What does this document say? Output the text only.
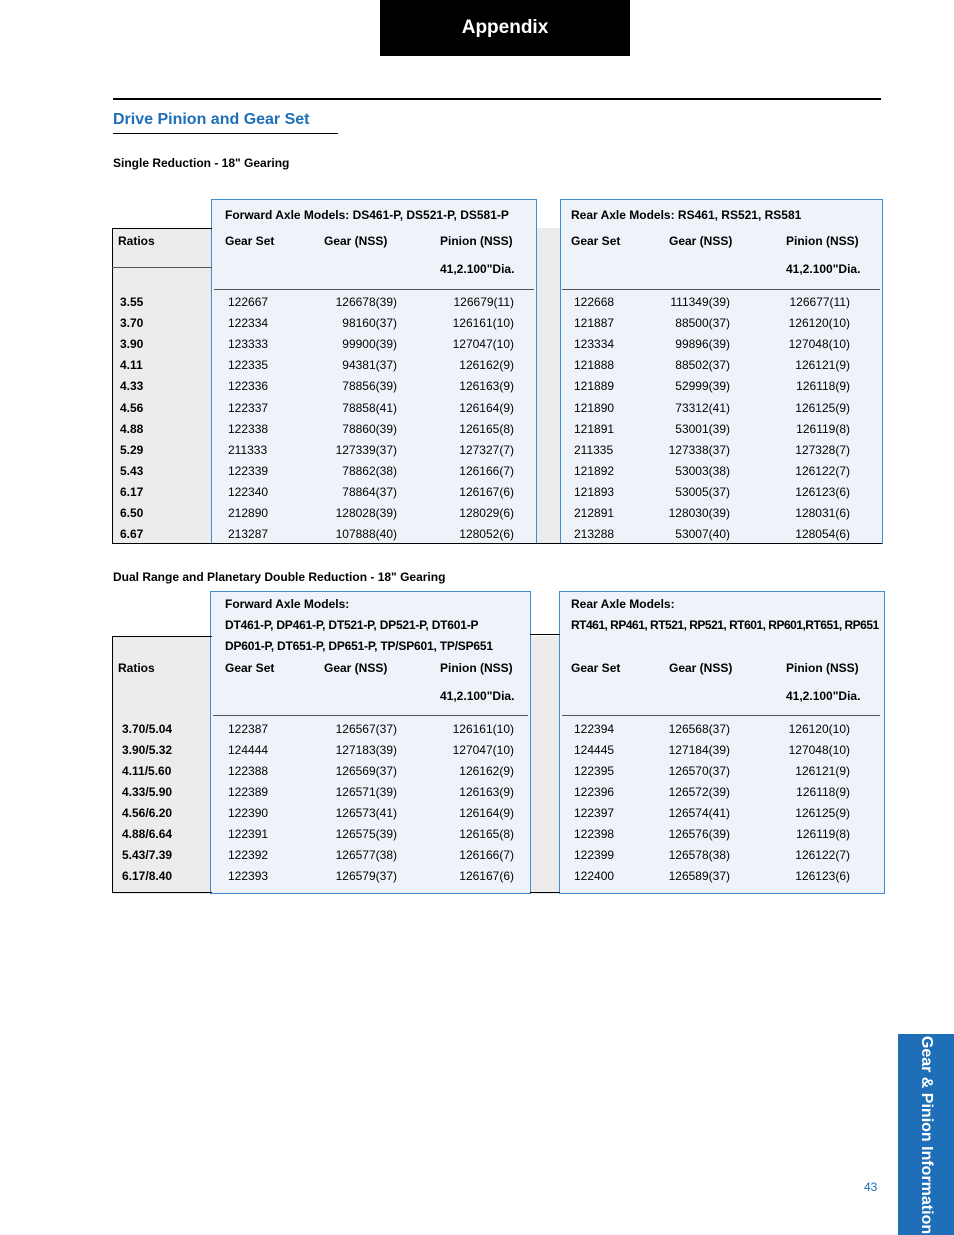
Appendix
Drive Pinion and Gear Set
Single Reduction - 18" Gearing
Forward Axle Models: DS461-P, DS521-P, DS581-P	Rear Axle Models: RS461, RS521, RS581
Ratios	Gear Set	Gear (NSS)	Pinion (NSS)
41,2.100"Dia.
Gear Set	Gear (NSS)	Pinion (NSS)
41,2.100"Dia.
3.55	122667	126678(39)	126679(11)	122668	111349(39)	126677(11)
3.70	122334	98160(37)	126161(10)	121887	88500(37)	126120(10)
3.90	123333	99900(39)	127047(10)	123334	99896(39)	127048(10)
4.11	122335	94381(37)	126162(9)	121888	88502(37)	126121(9)
4.33	122336	78856(39)	126163(9)	121889	52999(39)	126118(9)
4.56	122337	78858(41)	126164(9)	121890	73312(41)	126125(9)
4.88	122338	78860(39)	126165(8)	121891	53001(39)	126119(8)
5.29	211333	127339(37)	127327(7)	211335	127338(37)	127328(7)
5.43	122339	78862(38)	126166(7)	121892	53003(38)	126122(7)
6.17	122340	78864(37)	126167(6)	121893	53005(37)	126123(6)
6.50	212890	128028(39)	128029(6)	212891	128030(39)	128031(6)
6.67	213287	107888(40)	128052(6)	213288	53007(40)	128054(6)
Dual Range and Planetary Double Reduction - 18" Gearing
Forward Axle Models:
DT461-P, DP461-P, DT521-P, DP521-P, DT601-P
DP601-P, DT651-P, DP651-P, TP/SP601, TP/SP651
Rear Axle Models:
RT461, RP461, RT521, RP521, RT601, RP601,RT651, RP651
Ratios	Gear Set	Gear (NSS)	Pinion (NSS)
41,2.100"Dia.
Gear Set	Gear (NSS)	Pinion (NSS)
41,2.100"Dia.
3.70/5.04	122387	126567(37)	126161(10)	122394	126568(37)	126120(10)
3.90/5.32	124444	127183(39)	127047(10)	124445	127184(39)	127048(10)
4.11/5.60	122388	126569(37)	126162(9)	122395	126570(37)	126121(9)
4.33/5.90	122389	126571(39)	126163(9)	122396	126572(39)	126118(9)
4.56/6.20	122390	126573(41)	126164(9)	122397	126574(41)	126125(9)
4.88/6.64	122391	126575(39)	126165(8)	122398	126576(39)	126119(8)
5.43/7.39	122392	126577(38)	126166(7)	122399	126578(38)	126122(7)
6.17/8.40	122393	126579(37)	126167(6)	122400	126589(37)	126123(6)
Gear & Pinion Information
43
